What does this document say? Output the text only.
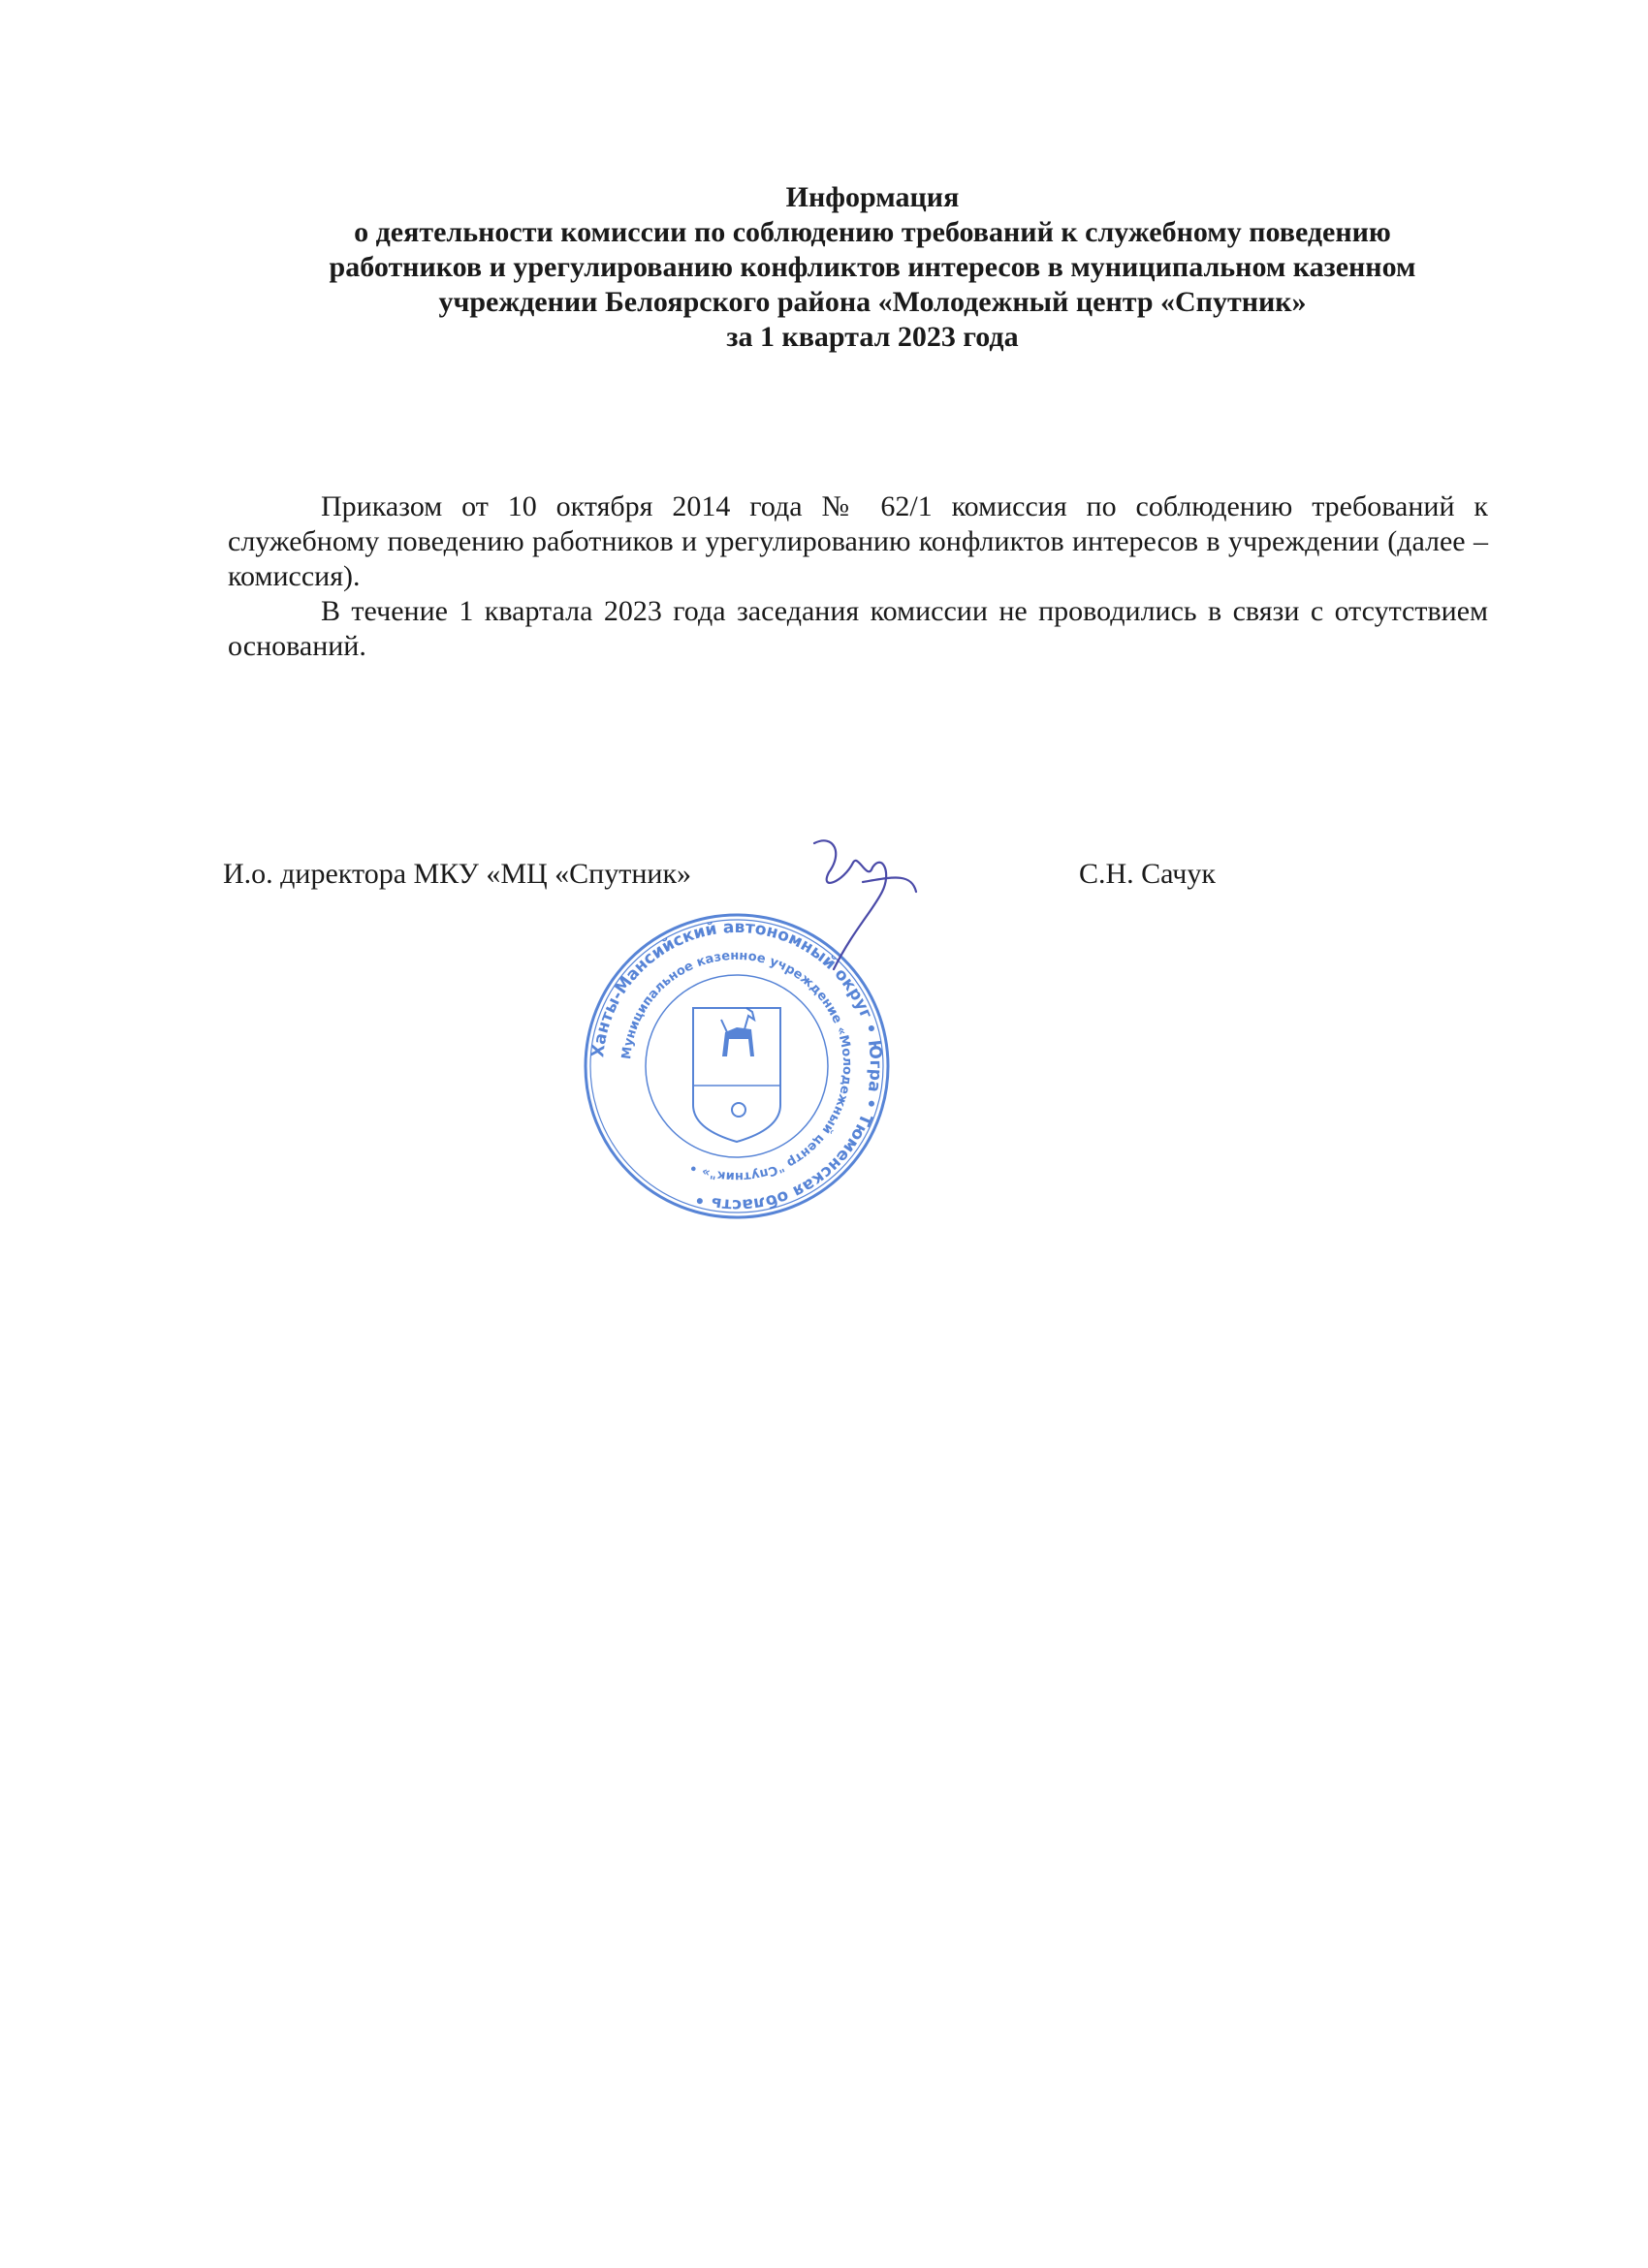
Информация
о деятельности комиссии по соблюдению требований к служебному поведению
работников и урегулированию конфликтов интересов в муниципальном казенном
учреждении Белоярского района «Молодежный центр «Спутник»
за 1 квартал 2023 года

Приказом от 10 октября 2014 года № 62/1 комиссия по соблюдению требований к служебному поведению работников и урегулированию конфликтов интересов в учреждении (далее – комиссия).

В течение 1 квартала 2023 года заседания комиссии не проводились в связи с отсутствием оснований.

И.о. директора МКУ «МЦ «Спутник»	С.Н. Сачук
Ханты-Мансийский автономный округ • Югра • Тюменская область •
Муниципальное казенное учреждение «Молодежный центр "Спутник"» •
